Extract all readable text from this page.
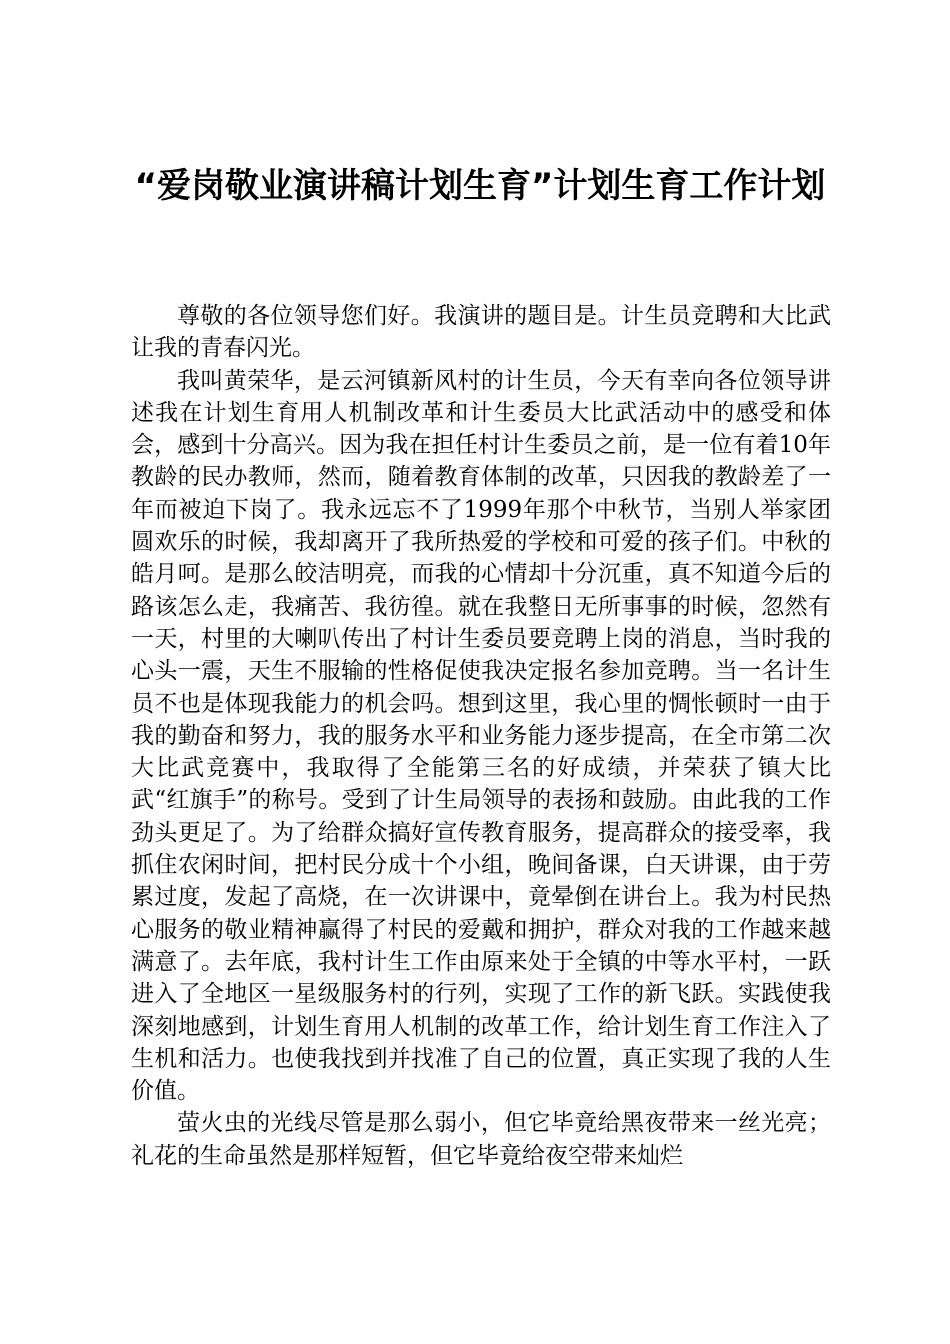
“爱岗敬业演讲稿计划生育”计划生育工作计划

尊敬的各位领导您们好。我演讲的题目是。计生员竞聘和大比武让我的青春闪光。

我叫黄荣华，是云河镇新风村的计生员，今天有幸向各位领导讲述我在计划生育用人机制改革和计生委员大比武活动中的感受和体会，感到十分高兴。因为我在担任村计生委员之前，是一位有着10年教龄的民办教师，然而，随着教育体制的改革，只因我的教龄差了一年而被迫下岗了。我永远忘不了1999年那个中秋节，当别人举家团圆欢乐的时候，我却离开了我所热爱的学校和可爱的孩子们。中秋的皓月呵。是那么皎洁明亮，而我的心情却十分沉重，真不知道今后的路该怎么走，我痛苦、我彷徨。就在我整日无所事事的时候，忽然有一天，村里的大喇叭传出了村计生委员要竞聘上岗的消息，当时我的心头一震，天生不服输的性格促使我决定报名参加竞聘。当一名计生员不也是体现我能力的机会吗。想到这里，我心里的惆怅顿时一由于我的勤奋和努力，我的服务水平和业务能力逐步提高，在全市第二次大比武竞赛中，我取得了全能第三名的好成绩，并荣获了镇大比武“红旗手”的称号。受到了计生局领导的表扬和鼓励。由此我的工作劲头更足了。为了给群众搞好宣传教育服务，提高群众的接受率，我抓住农闲时间，把村民分成十个小组，晚间备课，白天讲课，由于劳累过度，发起了高烧，在一次讲课中，竟晕倒在讲台上。我为村民热心服务的敬业精神赢得了村民的爱戴和拥护，群众对我的工作越来越满意了。去年底，我村计生工作由原来处于全镇的中等水平村，一跃进入了全地区一星级服务村的行列，实现了工作的新飞跃。实践使我深刻地感到，计划生育用人机制的改革工作，给计划生育工作注入了生机和活力。也使我找到并找准了自己的位置，真正实现了我的人生价值。

萤火虫的光线尽管是那么弱小，但它毕竟给黑夜带来一丝光亮；礼花的生命虽然是那样短暂，但它毕竟给夜空带来灿烂
